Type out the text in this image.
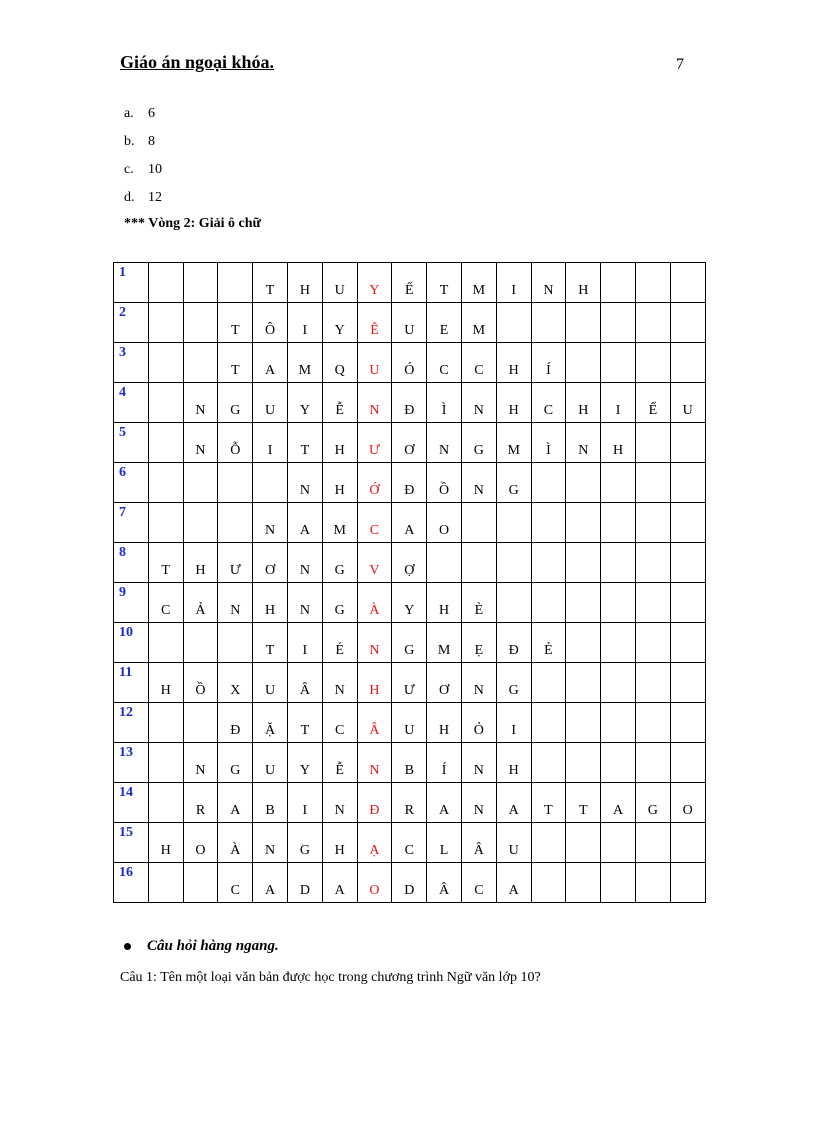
Giáo án ngoại khóa.	7
a. 6
b. 8
c. 10
d. 12
*** Vòng 2: Giải ô chữ
1				T	H	U	Y	Ế	T	M	I	N	H			

2			T	Ô	I	Y	Ê	U	E	M						

3			T	A	M	Q	U	Ó	C	C	H	Í				

4		N	G	U	Y	Ễ	N	Đ	Ì	N	H	C	H	I	Ể	U

5		N	Ỗ	I	T	H	Ư	Ơ	N	G	M	Ì	N	H		

6					N	H	Ớ	Đ	Ồ	N	G					

7				N	A	M	C	A	O							

8	T	H	Ư	Ơ	N	G	V	Ợ								

9	C	Ả	N	H	N	G	À	Y	H	È						

10				T	I	É	N	G	M	Ẹ	Đ	Ẻ				

11	H	Ồ	X	U	Â	N	H	Ư	Ơ	N	G					

12			Đ	Ặ	T	C	Â	U	H	Ỏ	I					

13		N	G	U	Y	Ễ	N	B	Í	N	H					

14		R	A	B	I	N	Đ	R	A	N	A	T	T	A	G	O

15	H	O	À	N	G	H	Ạ	C	L	Â	U					

16			C	A	D	A	O	D	Â	C	A					

Câu hỏi hàng ngang.
Câu 1: Tên một loại văn bản được học trong chương trình Ngữ văn lớp 10?
